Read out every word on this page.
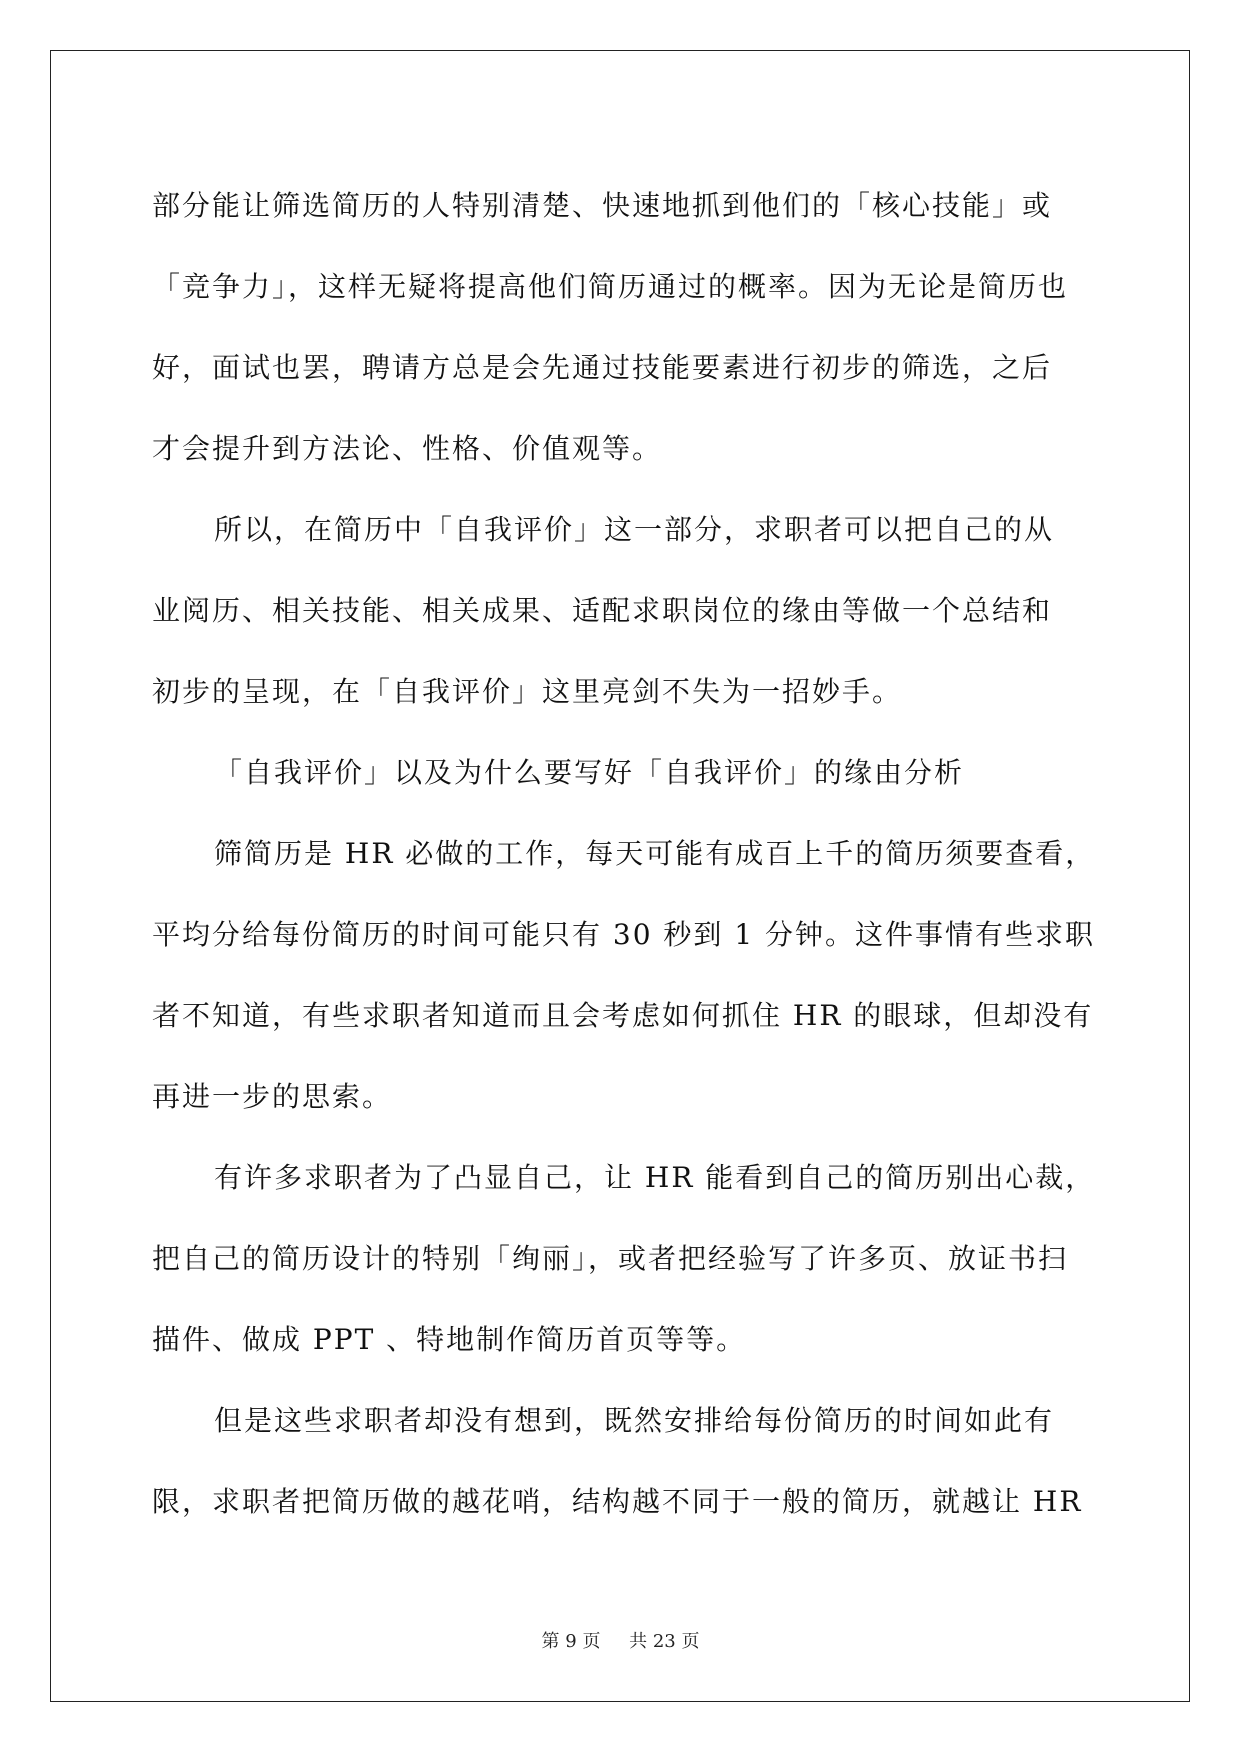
部分能让筛选简历的人特别清楚、快速地抓到他们的「核心技能」或
「竞争力」，这样无疑将提高他们简历通过的概率。因为无论是简历也
好，面试也罢，聘请方总是会先通过技能要素进行初步的筛选，之后
才会提升到方法论、性格、价值观等。

所以，在简历中「自我评价」这一部分，求职者可以把自己的从
业阅历、相关技能、相关成果、适配求职岗位的缘由等做一个总结和
初步的呈现，在「自我评价」这里亮剑不失为一招妙手。

「自我评价」以及为什么要写好「自我评价」的缘由分析

筛简历是 HR 必做的工作，每天可能有成百上千的简历须要查看，
平均分给每份简历的时间可能只有 30 秒到 1 分钟。这件事情有些求职
者不知道，有些求职者知道而且会考虑如何抓住 HR 的眼球，但却没有
再进一步的思索。

有许多求职者为了凸显自己，让 HR 能看到自己的简历别出心裁，
把自己的简历设计的特别「绚丽」，或者把经验写了许多页、放证书扫
描件、做成 PPT 、特地制作简历首页等等。

但是这些求职者却没有想到，既然安排给每份简历的时间如此有
限，求职者把简历做的越花哨，结构越不同于一般的简历，就越让 HR

第 9 页 共 23 页
